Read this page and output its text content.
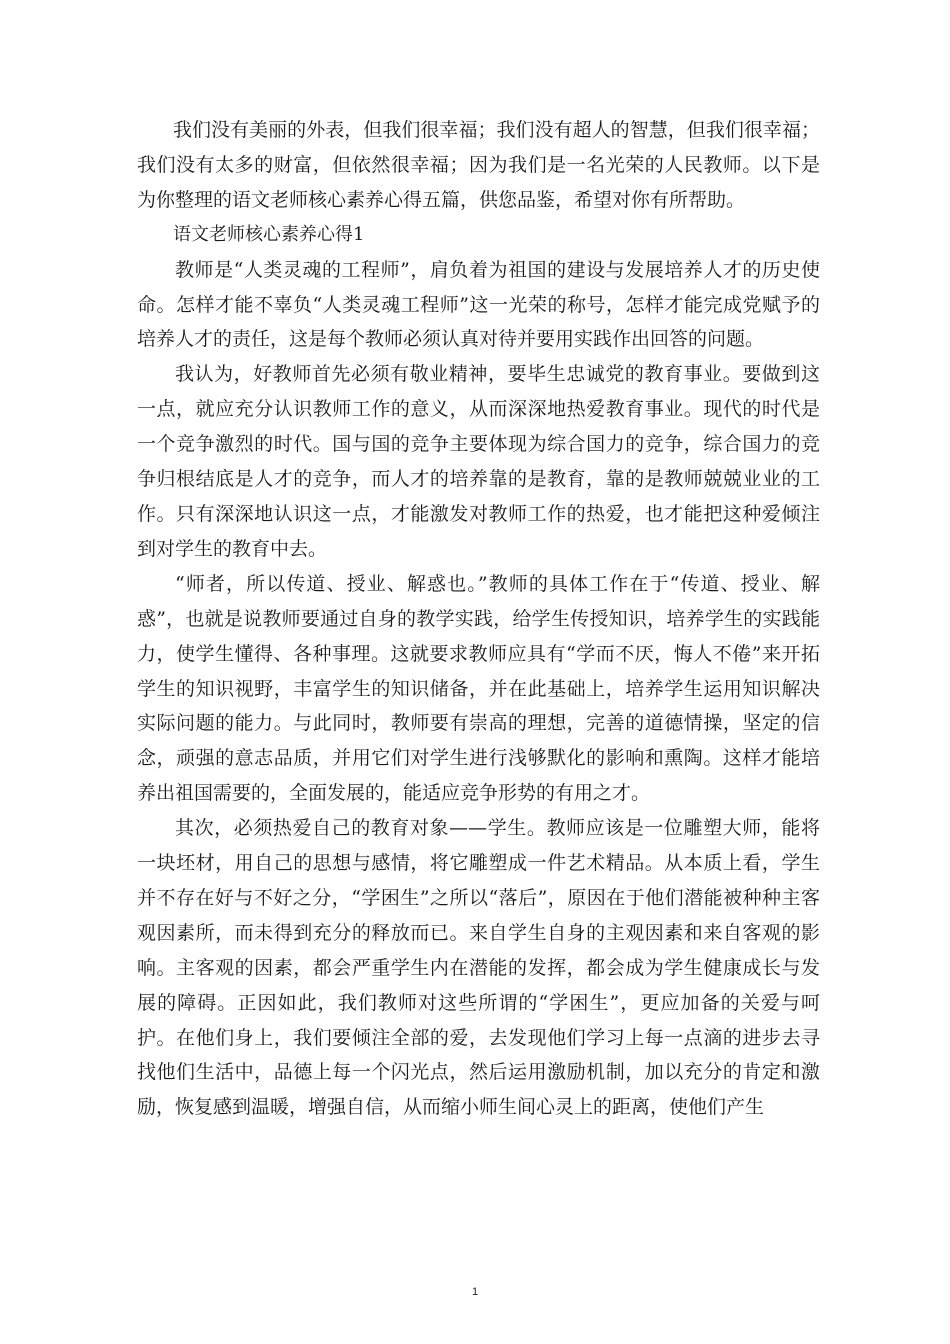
我们没有美丽的外表，但我们很幸福；我们没有超人的智慧，但我们很幸福；我们没有太多的财富，但依然很幸福；因为我们是一名光荣的人民教师。以下是为你整理的语文老师核心素养心得五篇，供您品鉴，希望对你有所帮助。

语文老师核心素养心得1

教师是“人类灵魂的工程师”，肩负着为祖国的建设与发展培养人才的历史使命。怎样才能不辜负“人类灵魂工程师”这一光荣的称号，怎样才能完成党赋予的培养人才的责任，这是每个教师必须认真对待并要用实践作出回答的问题。

我认为，好教师首先必须有敬业精神，要毕生忠诚党的教育事业。要做到这一点，就应充分认识教师工作的意义，从而深深地热爱教育事业。现代的时代是一个竞争激烈的时代。国与国的竞争主要体现为综合国力的竞争，综合国力的竞争归根结底是人才的竞争，而人才的培养靠的是教育，靠的是教师兢兢业业的工作。只有深深地认识这一点，才能激发对教师工作的热爱，也才能把这种爱倾注到对学生的教育中去。

“师者，所以传道、授业、解惑也。”教师的具体工作在于“传道、授业、解惑”，也就是说教师要通过自身的教学实践，给学生传授知识，培养学生的实践能力，使学生懂得、各种事理。这就要求教师应具有“学而不厌，悔人不倦”来开拓学生的知识视野，丰富学生的知识储备，并在此基础上，培养学生运用知识解决实际问题的能力。与此同时，教师要有崇高的理想，完善的道德情操，坚定的信念，顽强的意志品质，并用它们对学生进行浅够默化的影响和熏陶。这样才能培养出祖国需要的，全面发展的，能适应竞争形势的有用之才。

其次，必须热爱自己的教育对象——学生。教师应该是一位雕塑大师，能将一块坯材，用自己的思想与感情，将它雕塑成一件艺术精品。从本质上看，学生并不存在好与不好之分，“学困生”之所以“落后”，原因在于他们潜能被种种主客观因素所，而未得到充分的释放而已。来自学生自身的主观因素和来自客观的影响。主客观的因素，都会严重学生内在潜能的发挥，都会成为学生健康成长与发展的障碍。正因如此，我们教师对这些所谓的“学困生”，更应加备的关爱与呵护。在他们身上，我们要倾注全部的爱，去发现他们学习上每一点滴的进步去寻找他们生活中，品德上每一个闪光点，然后运用激励机制，加以充分的肯定和激励，恢复感到温暖，增强自信，从而缩小师生间心灵上的距离，使他们产生

1
